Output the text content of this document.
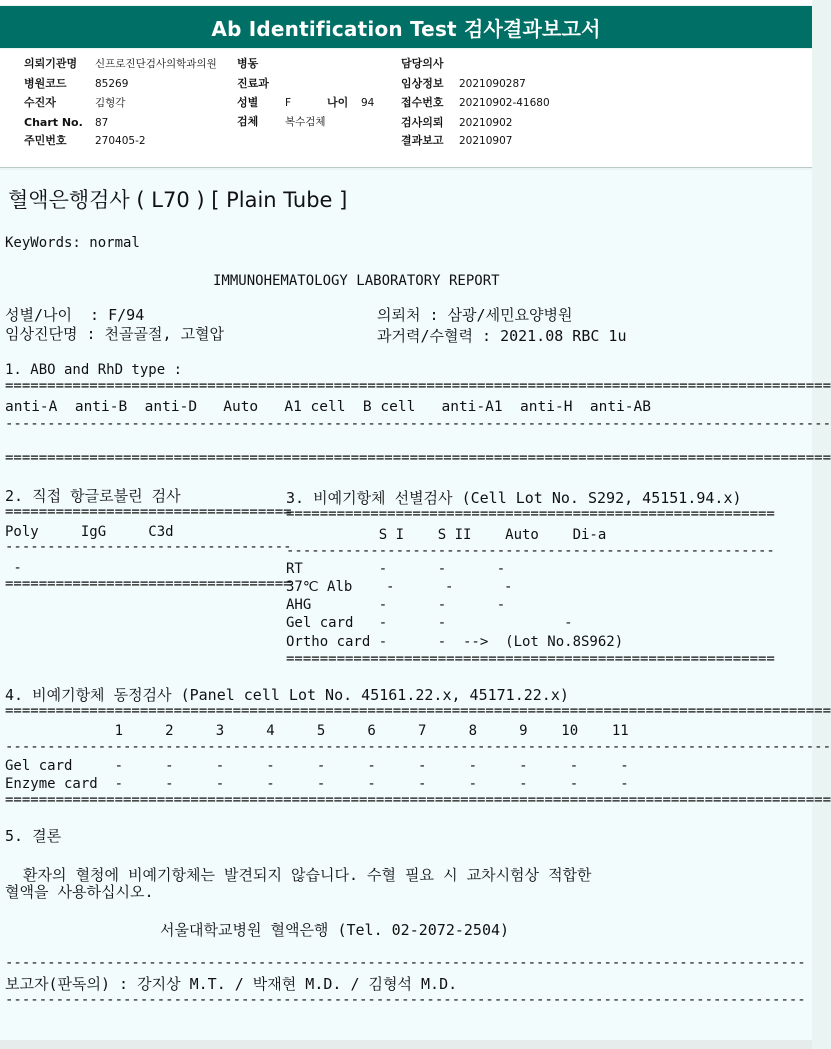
Ab Identification Test 검사결과보고서
의뢰기관명 신프로진단검사의학과의원
병원코드	85269
수진자	김형각
Chart No. 87
주민번호	270405-2
병동
진료과
성별	F	나이 94
검체	복수검체
담당의사
임상정보 2021090287
접수번호 20210902-41680
검사의뢰 20210902
결과보고 20210907
혈액은행검사 ( L70 ) [ Plain Tube ]
KeyWords: normal
IMMUNOHEMATOLOGY LABORATORY REPORT
성별/나이  : F/94
임상진단명 : 천골골절, 고혈압
의뢰처 : 삼광/세민요양병원
과거력/수혈력 : 2021.08 RBC 1u
1. ABO and RhD type :
==================================================================================================
anti-A  anti-B  anti-D   Auto   A1 cell  B cell   anti-A1  anti-H  anti-AB
--------------------------------------------------------------------------------------------------
==================================================================================================
2. 직접 항글로불린 검사
==================================
Poly     IgG     C3d
----------------------------------
-
==================================
3. 비예기항체 선별검사 (Cell Lot No. S292, 45151.94.x)
==========================================================
S I    S II    Auto    Di-a
----------------------------------------------------------
RT         -      -      -
37℃ Alb    -      -      -
AHG        -      -      -
Gel card   -      -              -
Ortho card -      -  -->  (Lot No.8S962)
==========================================================
4. 비예기항체 동정검사 (Panel cell Lot No. 45161.22.x, 45171.22.x)
==================================================================================================
1     2     3     4     5     6     7     8     9    10    11
--------------------------------------------------------------------------------------------------
Gel card     -     -     -     -     -     -     -     -     -     -     -
Enzyme card  -     -     -     -     -     -     -     -     -     -     -
==================================================================================================
5. 결론
환자의 혈청에 비예기항체는 발견되지 않습니다. 수혈 필요 시 교차시험상 적합한
혈액을 사용하십시오.
서울대학교병원 혈액은행 (Tel. 02-2072-2504)
-----------------------------------------------------------------------------------------------
보고자(판독의) : 강지상 M.T. / 박재현 M.D. / 김형석 M.D.
-----------------------------------------------------------------------------------------------
